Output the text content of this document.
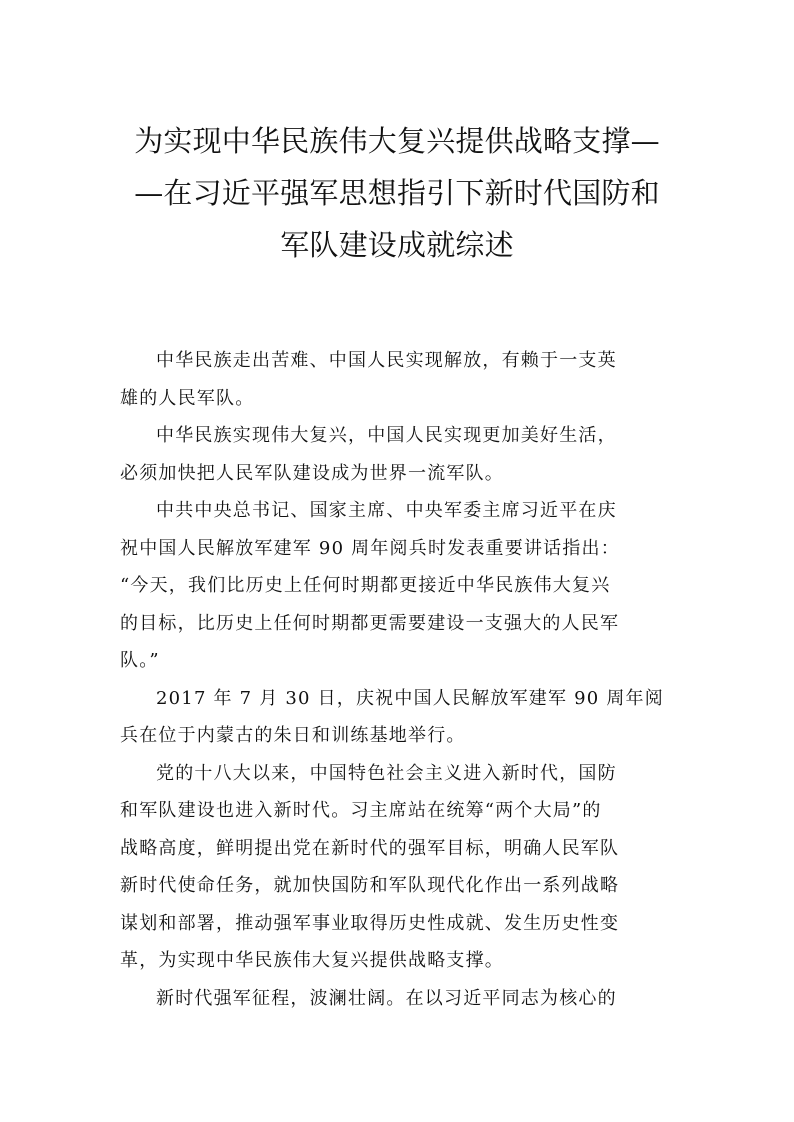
为实现中华民族伟大复兴提供战略支撑—

—在习近平强军思想指引下新时代国防和

军队建设成就综述

中华民族走出苦难、中国人民实现解放，有赖于一支英
雄的人民军队。

中华民族实现伟大复兴，中国人民实现更加美好生活，
必须加快把人民军队建设成为世界一流军队。

中共中央总书记、国家主席、中央军委主席习近平在庆
祝中国人民解放军建军 90 周年阅兵时发表重要讲话指出：
“今天，我们比历史上任何时期都更接近中华民族伟大复兴
的目标，比历史上任何时期都更需要建设一支强大的人民军
队。”

2017 年 7 月 30 日，庆祝中国人民解放军建军 90 周年阅
兵在位于内蒙古的朱日和训练基地举行。

党的十八大以来，中国特色社会主义进入新时代，国防
和军队建设也进入新时代。习主席站在统筹“两个大局”的
战略高度，鲜明提出党在新时代的强军目标，明确人民军队
新时代使命任务，就加快国防和军队现代化作出一系列战略
谋划和部署，推动强军事业取得历史性成就、发生历史性变
革，为实现中华民族伟大复兴提供战略支撑。

新时代强军征程，波澜壮阔。在以习近平同志为核心的
